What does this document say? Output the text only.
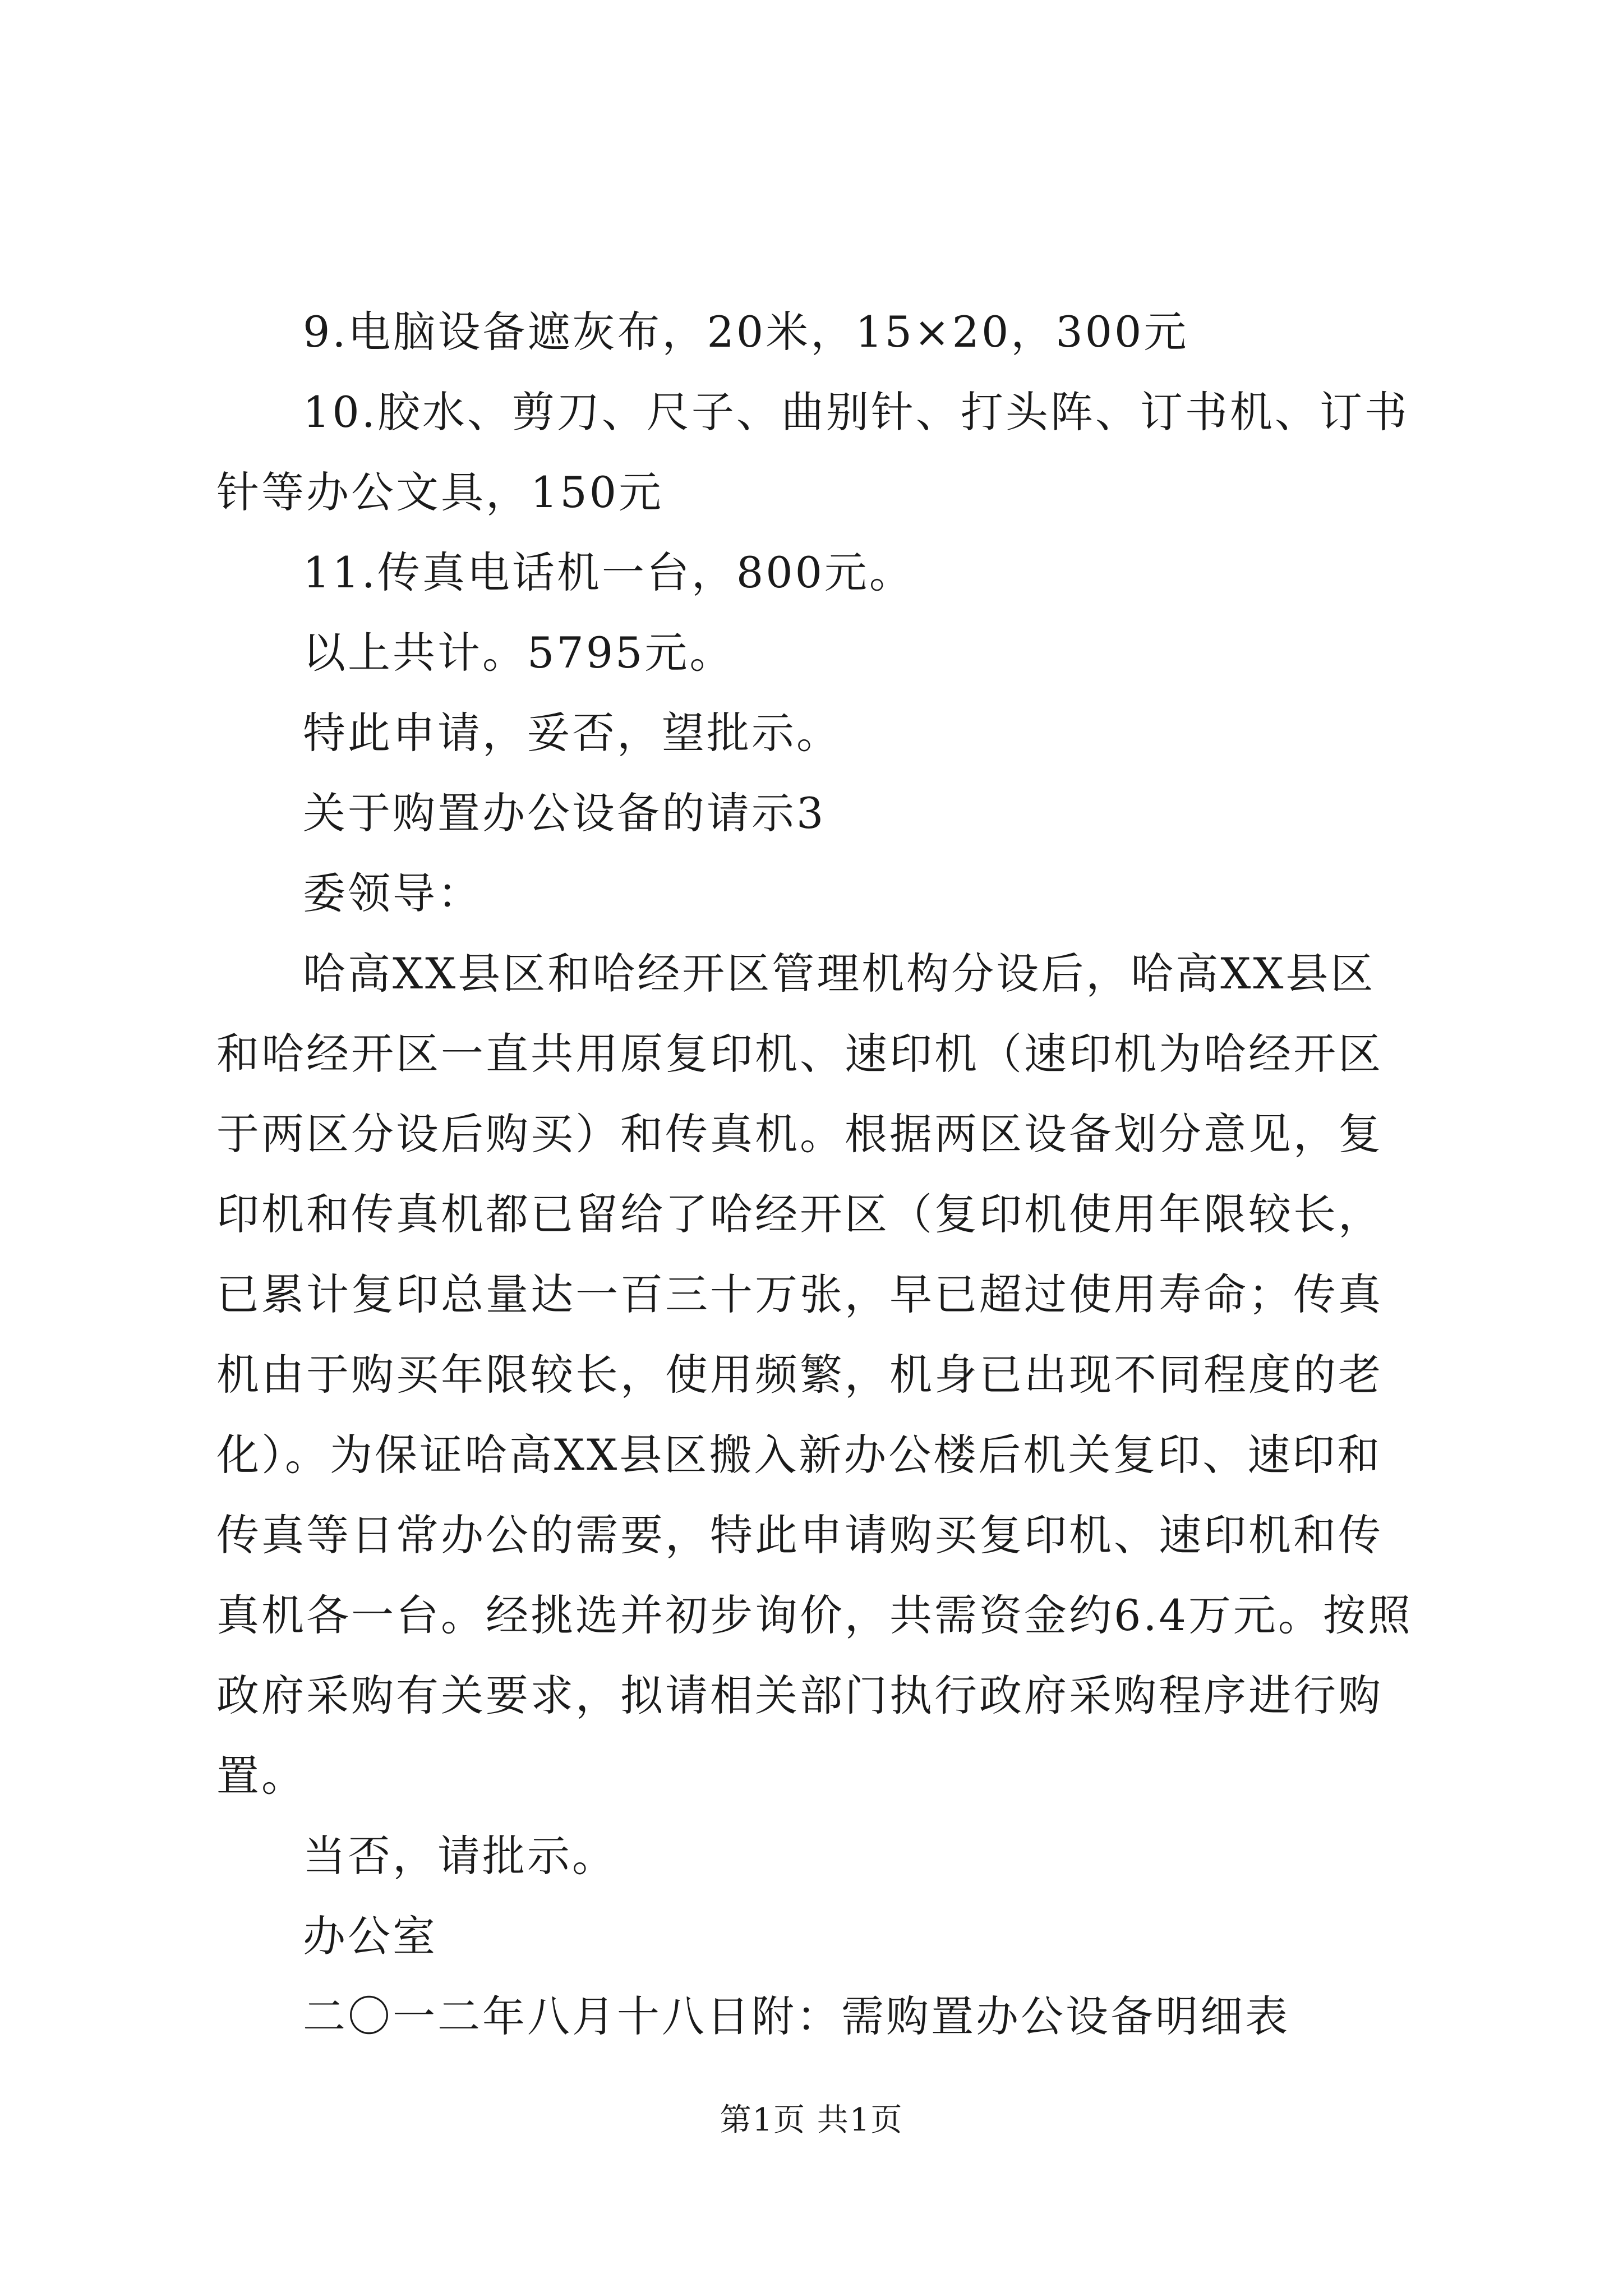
9.电脑设备遮灰布，20米，15×20，300元

10.胶水、剪刀、尺子、曲别针、打头阵、订书机、订书针等办公文具，150元

11.传真电话机一台，800元。

以上共计。5795元。

特此申请，妥否，望批示。

关于购置办公设备的请示3

委领导：

哈高XX县区和哈经开区管理机构分设后，哈高XX县区和哈经开区一直共用原复印机、速印机（速印机为哈经开区于两区分设后购买）和传真机。根据两区设备划分意见，复印机和传真机都已留给了哈经开区（复印机使用年限较长，已累计复印总量达一百三十万张，早已超过使用寿命；传真机由于购买年限较长，使用频繁，机身已出现不同程度的老化）。为保证哈高XX县区搬入新办公楼后机关复印、速印和传真等日常办公的需要，特此申请购买复印机、速印机和传真机各一台。经挑选并初步询价，共需资金约6.4万元。按照政府采购有关要求，拟请相关部门执行政府采购程序进行购置。

当否，请批示。

办公室

二〇一二年八月十八日附：需购置办公设备明细表

第1页 共1页
